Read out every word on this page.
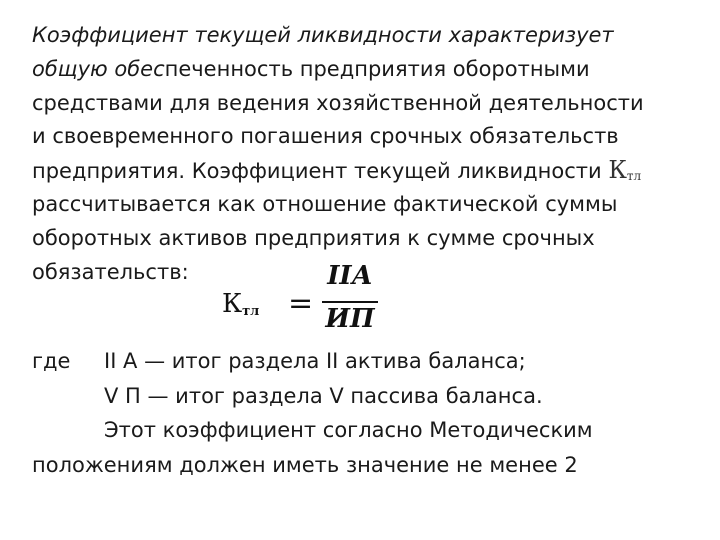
Коэффициент текущей ликвидности характеризует
общую обеспеченность предприятия оборотными
средствами для ведения хозяйственной деятельности
и своевременного погашения срочных обязательств
предприятия. Коэффициент текущей ликвидности $К_{тл}$
рассчитывается как отношение фактической суммы
оборотных активов предприятия к сумме срочных
обязательств:
$К_{тл}$ =
IIА
ИП
где II А — итог раздела II актива баланса;
V П — итог раздела V пассива баланса.
Этот коэффициент согласно Методическим
положениям должен иметь значение не менее 2
